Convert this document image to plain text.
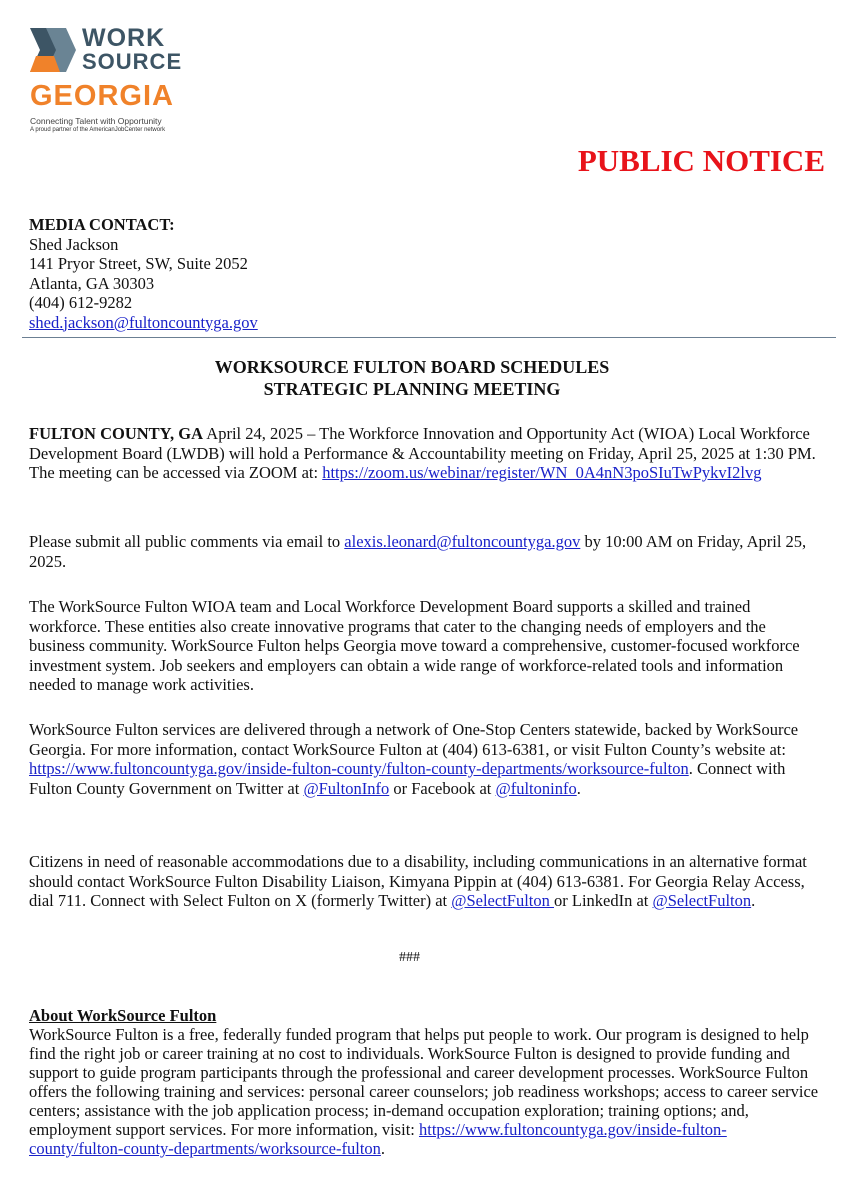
WORK
SOURCE
GEORGIA
Connecting Talent with Opportunity
A proud partner of the AmericanJobCenter network
PUBLIC NOTICE
MEDIA CONTACT:
Shed Jackson
141 Pryor Street, SW, Suite 2052
Atlanta, GA 30303
(404) 612-9282
shed.jackson@fultoncountyga.gov
WORKSOURCE FULTON BOARD SCHEDULES
STRATEGIC PLANNING MEETING
FULTON COUNTY, GA April 24, 2025 – The Workforce Innovation and Opportunity Act (WIOA) Local Workforce Development Board (LWDB) will hold a Performance & Accountability meeting on Friday, April 25, 2025 at 1:30 PM. The meeting can be accessed via ZOOM at: https://zoom.us/webinar/register/WN_0A4nN3poSIuTwPykvI2lvg
Please submit all public comments via email to alexis.leonard@fultoncountyga.gov by 10:00 AM on Friday, April 25, 2025.
The WorkSource Fulton WIOA team and Local Workforce Development Board supports a skilled and trained workforce. These entities also create innovative programs that cater to the changing needs of employers and the business community. WorkSource Fulton helps Georgia move toward a comprehensive, customer-focused workforce investment system. Job seekers and employers can obtain a wide range of workforce-related tools and information needed to manage work activities.
WorkSource Fulton services are delivered through a network of One-Stop Centers statewide, backed by WorkSource Georgia. For more information, contact WorkSource Fulton at (404) 613-6381, or visit Fulton County’s website at: https://www.fultoncountyga.gov/inside-fulton-county/fulton-county-departments/worksource-fulton. Connect with Fulton County Government on Twitter at @FultonInfo or Facebook at @fultoninfo.
Citizens in need of reasonable accommodations due to a disability, including communications in an alternative format should contact WorkSource Fulton Disability Liaison, Kimyana Pippin at (404) 613-6381. For Georgia Relay Access, dial 711. Connect with Select Fulton on X (formerly Twitter) at @SelectFulton or LinkedIn at @SelectFulton.
###
About WorkSource Fulton
WorkSource Fulton is a free, federally funded program that helps put people to work. Our program is designed to help find the right job or career training at no cost to individuals. WorkSource Fulton is designed to provide funding and support to guide program participants through the professional and career development processes. WorkSource Fulton offers the following training and services: personal career counselors; job readiness workshops; access to career service centers; assistance with the job application process; in-demand occupation exploration; training options; and, employment support services. For more information, visit: https://www.fultoncountyga.gov/inside-fulton-county/fulton-county-departments/worksource-fulton.
